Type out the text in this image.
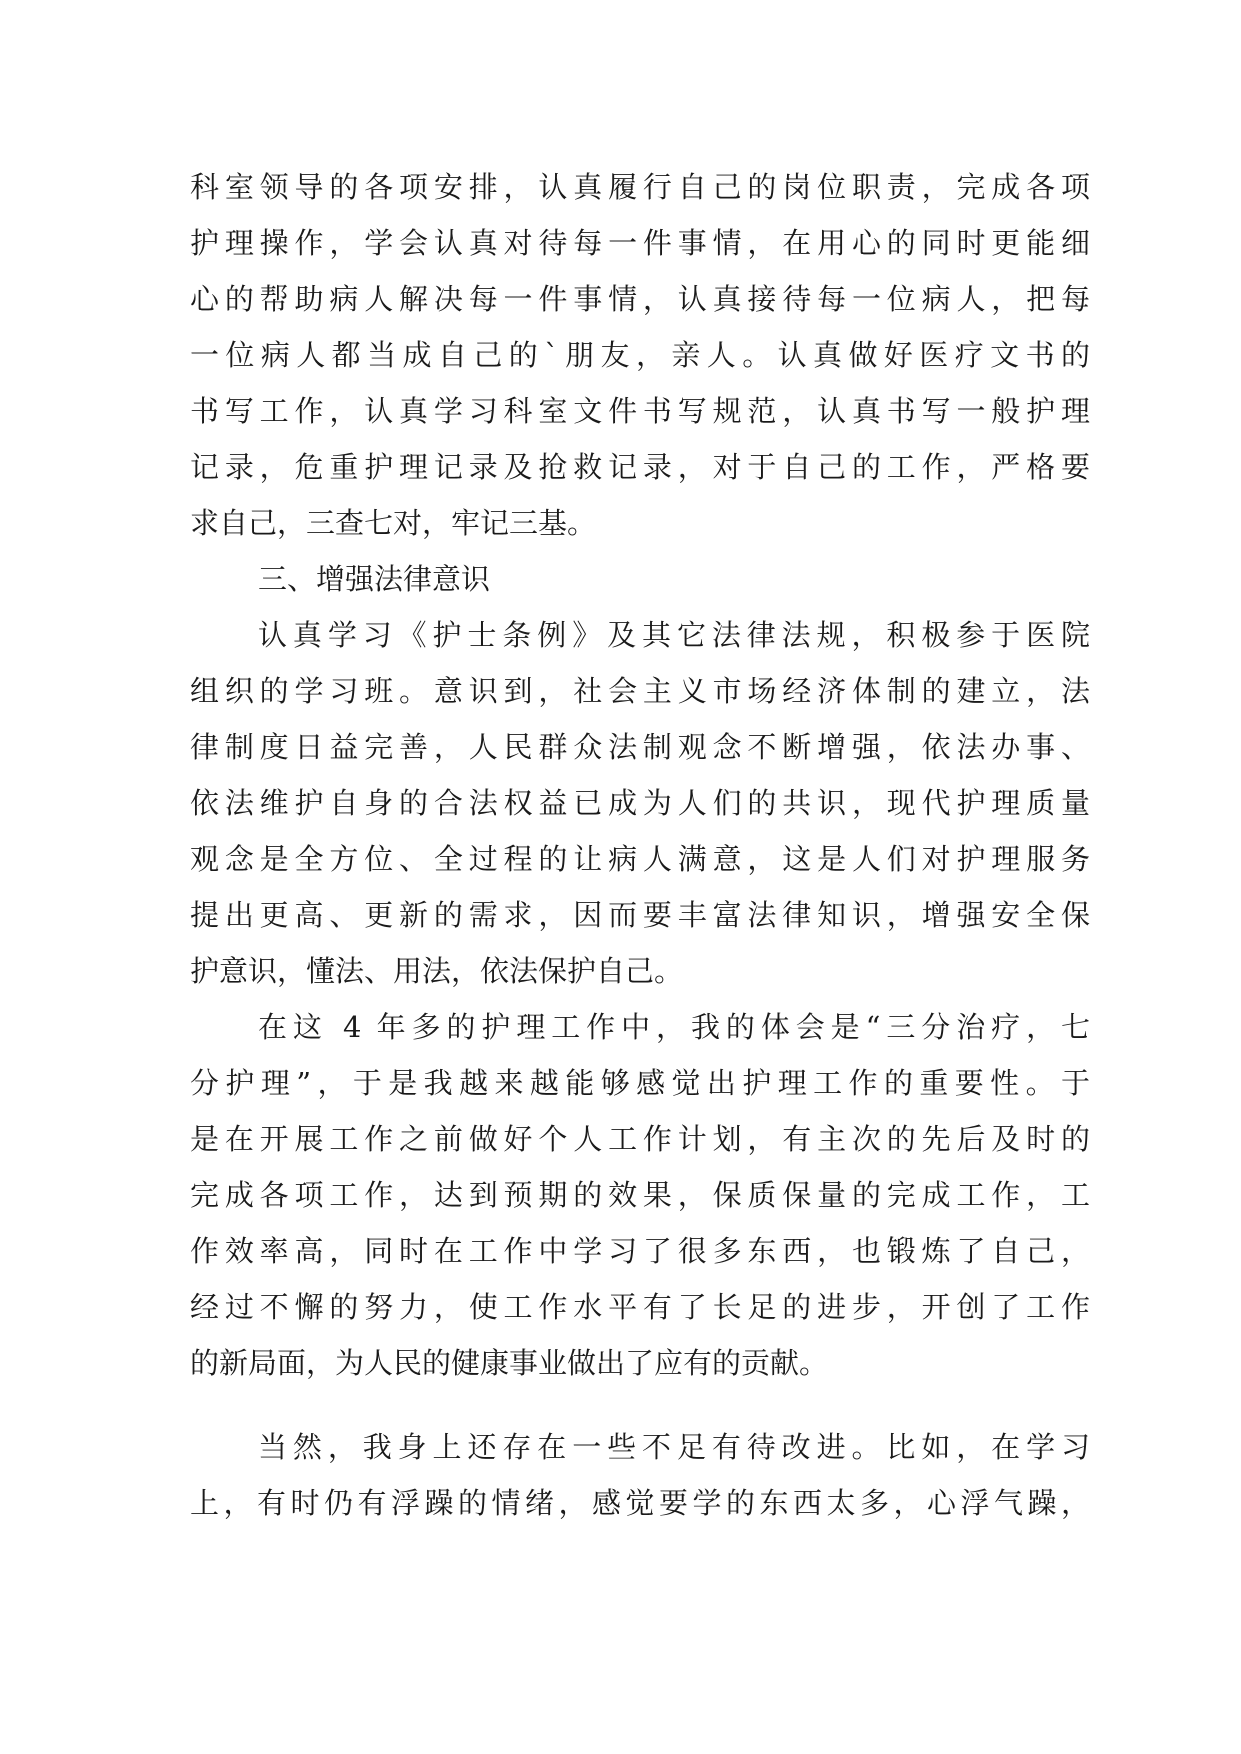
科室领导的各项安排，认真履行自己的岗位职责，完成各项
护理操作，学会认真对待每一件事情，在用心的同时更能细
心的帮助病人解决每一件事情，认真接待每一位病人，把每
一位病人都当成自己的`朋友，亲人。认真做好医疗文书的
书写工作，认真学习科室文件书写规范，认真书写一般护理
记录，危重护理记录及抢救记录，对于自己的工作，严格要
求自己，三查七对，牢记三基。
三、增强法律意识
认真学习《护士条例》及其它法律法规，积极参于医院
组织的学习班。意识到，社会主义市场经济体制的建立，法
律制度日益完善，人民群众法制观念不断增强，依法办事、
依法维护自身的合法权益已成为人们的共识，现代护理质量
观念是全方位、全过程的让病人满意，这是人们对护理服务
提出更高、更新的需求，因而要丰富法律知识，增强安全保
护意识，懂法、用法，依法保护自己。
在这 4 年多的护理工作中，我的体会是“三分治疗，七
分护理”，于是我越来越能够感觉出护理工作的重要性。于
是在开展工作之前做好个人工作计划，有主次的先后及时的
完成各项工作，达到预期的效果，保质保量的完成工作，工
作效率高，同时在工作中学习了很多东西，也锻炼了自己，
经过不懈的努力，使工作水平有了长足的进步，开创了工作
的新局面，为人民的健康事业做出了应有的贡献。
当然，我身上还存在一些不足有待改进。比如，在学习
上，有时仍有浮躁的情绪，感觉要学的东西太多，心浮气躁，
